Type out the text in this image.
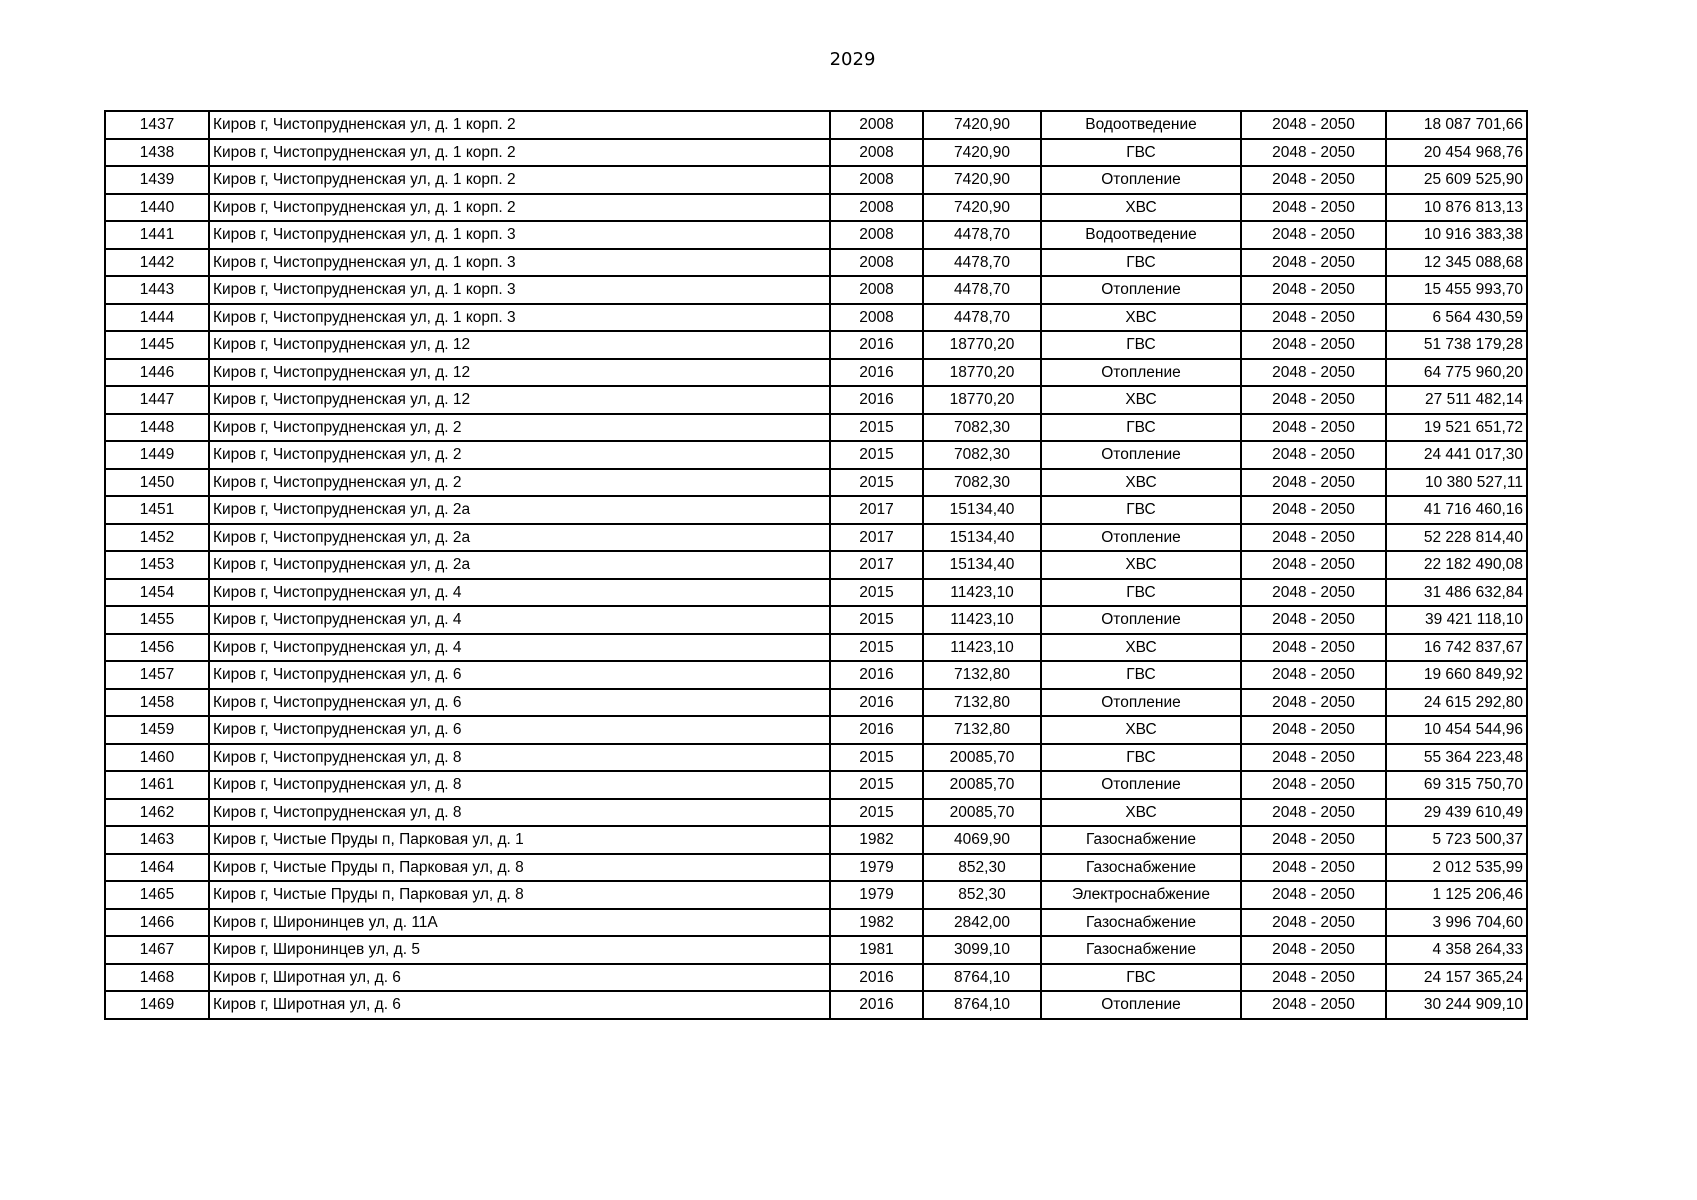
2029
1437	Киров г, Чистопрудненская ул, д. 1 корп. 2	2008	7420,90	Водоотведение	2048 - 2050	18 087 701,66
1438	Киров г, Чистопрудненская ул, д. 1 корп. 2	2008	7420,90	ГВС	2048 - 2050	20 454 968,76
1439	Киров г, Чистопрудненская ул, д. 1 корп. 2	2008	7420,90	Отопление	2048 - 2050	25 609 525,90
1440	Киров г, Чистопрудненская ул, д. 1 корп. 2	2008	7420,90	ХВС	2048 - 2050	10 876 813,13
1441	Киров г, Чистопрудненская ул, д. 1 корп. 3	2008	4478,70	Водоотведение	2048 - 2050	10 916 383,38
1442	Киров г, Чистопрудненская ул, д. 1 корп. 3	2008	4478,70	ГВС	2048 - 2050	12 345 088,68
1443	Киров г, Чистопрудненская ул, д. 1 корп. 3	2008	4478,70	Отопление	2048 - 2050	15 455 993,70
1444	Киров г, Чистопрудненская ул, д. 1 корп. 3	2008	4478,70	ХВС	2048 - 2050	6 564 430,59
1445	Киров г, Чистопрудненская ул, д. 12	2016	18770,20	ГВС	2048 - 2050	51 738 179,28
1446	Киров г, Чистопрудненская ул, д. 12	2016	18770,20	Отопление	2048 - 2050	64 775 960,20
1447	Киров г, Чистопрудненская ул, д. 12	2016	18770,20	ХВС	2048 - 2050	27 511 482,14
1448	Киров г, Чистопрудненская ул, д. 2	2015	7082,30	ГВС	2048 - 2050	19 521 651,72
1449	Киров г, Чистопрудненская ул, д. 2	2015	7082,30	Отопление	2048 - 2050	24 441 017,30
1450	Киров г, Чистопрудненская ул, д. 2	2015	7082,30	ХВС	2048 - 2050	10 380 527,11
1451	Киров г, Чистопрудненская ул, д. 2а	2017	15134,40	ГВС	2048 - 2050	41 716 460,16
1452	Киров г, Чистопрудненская ул, д. 2а	2017	15134,40	Отопление	2048 - 2050	52 228 814,40
1453	Киров г, Чистопрудненская ул, д. 2а	2017	15134,40	ХВС	2048 - 2050	22 182 490,08
1454	Киров г, Чистопрудненская ул, д. 4	2015	11423,10	ГВС	2048 - 2050	31 486 632,84
1455	Киров г, Чистопрудненская ул, д. 4	2015	11423,10	Отопление	2048 - 2050	39 421 118,10
1456	Киров г, Чистопрудненская ул, д. 4	2015	11423,10	ХВС	2048 - 2050	16 742 837,67
1457	Киров г, Чистопрудненская ул, д. 6	2016	7132,80	ГВС	2048 - 2050	19 660 849,92
1458	Киров г, Чистопрудненская ул, д. 6	2016	7132,80	Отопление	2048 - 2050	24 615 292,80
1459	Киров г, Чистопрудненская ул, д. 6	2016	7132,80	ХВС	2048 - 2050	10 454 544,96
1460	Киров г, Чистопрудненская ул, д. 8	2015	20085,70	ГВС	2048 - 2050	55 364 223,48
1461	Киров г, Чистопрудненская ул, д. 8	2015	20085,70	Отопление	2048 - 2050	69 315 750,70
1462	Киров г, Чистопрудненская ул, д. 8	2015	20085,70	ХВС	2048 - 2050	29 439 610,49
1463	Киров г, Чистые Пруды п, Парковая ул, д. 1	1982	4069,90	Газоснабжение	2048 - 2050	5 723 500,37
1464	Киров г, Чистые Пруды п, Парковая ул, д. 8	1979	852,30	Газоснабжение	2048 - 2050	2 012 535,99
1465	Киров г, Чистые Пруды п, Парковая ул, д. 8	1979	852,30	Электроснабжение	2048 - 2050	1 125 206,46
1466	Киров г, Широнинцев ул, д. 11А	1982	2842,00	Газоснабжение	2048 - 2050	3 996 704,60
1467	Киров г, Широнинцев ул, д. 5	1981	3099,10	Газоснабжение	2048 - 2050	4 358 264,33
1468	Киров г, Широтная ул, д. 6	2016	8764,10	ГВС	2048 - 2050	24 157 365,24
1469	Киров г, Широтная ул, д. 6	2016	8764,10	Отопление	2048 - 2050	30 244 909,10
